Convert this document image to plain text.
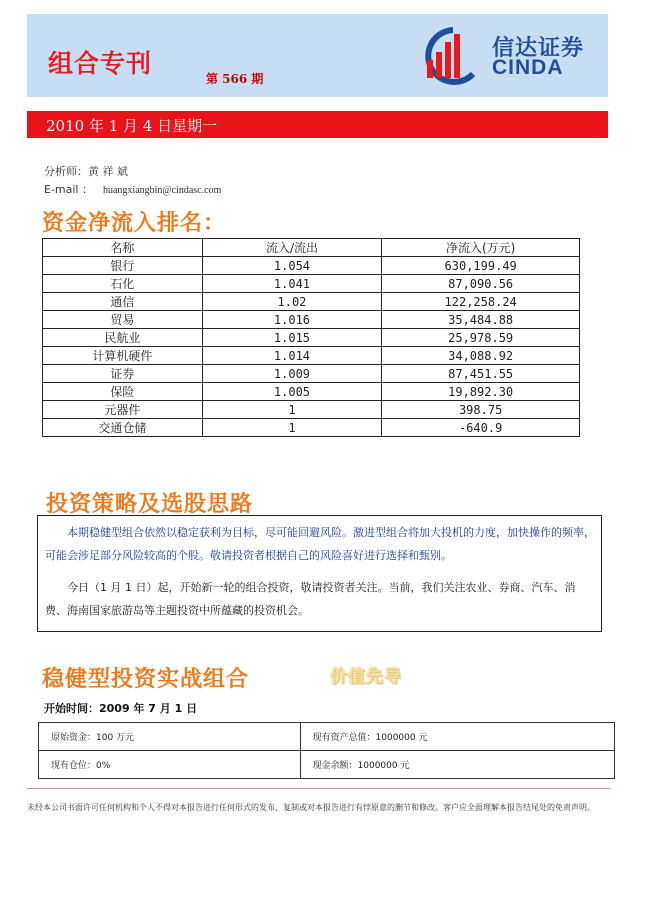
组合专刊
第 566 期
信达证券
CINDA
2010 年 1 月 4 日星期一
分析师：黄 祥 斌
E-mail ： huangxiangbin@cindasc.com
资金净流入排名：
名称	流入/流出	净流入(万元)
银行	1.054	630,199.49
石化	1.041	87,090.56
通信	1.02	122,258.24
贸易	1.016	35,484.88
民航业	1.015	25,978.59
计算机硬件	1.014	34,088.92
证券	1.009	87,451.55
保险	1.005	19,892.30
元器件	1	398.75
交通仓储	1	-640.9
投资策略及选股思路
本期稳健型组合依然以稳定获利为目标，尽可能回避风险。激进型组合将加大投机的力度，加快操作的频率，可能会涉足部分风险较高的个股。敬请投资者根据自己的风险喜好进行选择和甄别。
今日（1 月 1 日）起，开始新一轮的组合投资，敬请投资者关注。当前，我们关注农业、券商、汽车、消费、海南国家旅游岛等主题投资中所蕴藏的投资机会。
稳健型投资实战组合	价值先导
开始时间：2009 年 7 月 1 日
原始资金：100 万元	现有资产总值：1000000 元
现有仓位：0%	现金余额：1000000 元
未经本公司书面许可任何机构和个人不得对本报告进行任何形式的发布、复制或对本报告进行有悖原意的删节和修改。客户应全面理解本报告结尾处的免责声明。
